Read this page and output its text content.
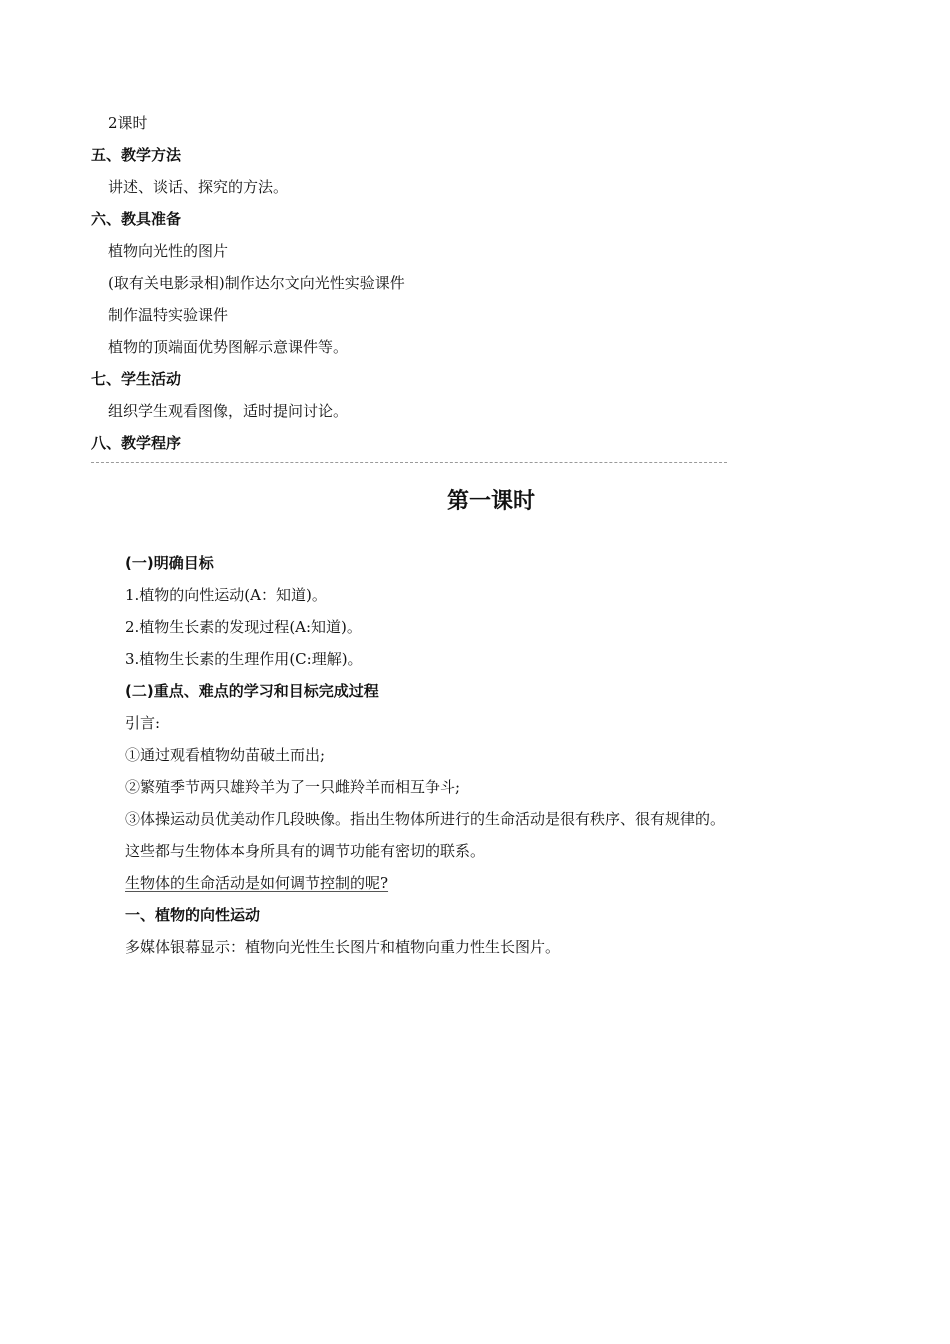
2课时
五、教学方法
讲述、谈话、探究的方法。
六、教具准备
植物向光性的图片
(取有关电影录相)制作达尔文向光性实验课件
制作温特实验课件
植物的顶端面优势图解示意课件等。
七、学生活动
组织学生观看图像，适时提问讨论。
八、教学程序
第一课时
(一)明确目标
1.植物的向性运动(A：知道)。
2.植物生长素的发现过程(A:知道)。
3.植物生长素的生理作用(C:理解)。
(二)重点、难点的学习和目标完成过程
引言:
①通过观看植物幼苗破土而出;
②繁殖季节两只雄羚羊为了一只雌羚羊而相互争斗;
③体操运动员优美动作几段映像。指出生物体所进行的生命活动是很有秩序、很有规律的。
这些都与生物体本身所具有的调节功能有密切的联系。
生物体的生命活动是如何调节控制的呢?
一、植物的向性运动
多媒体银幕显示：植物向光性生长图片和植物向重力性生长图片。
